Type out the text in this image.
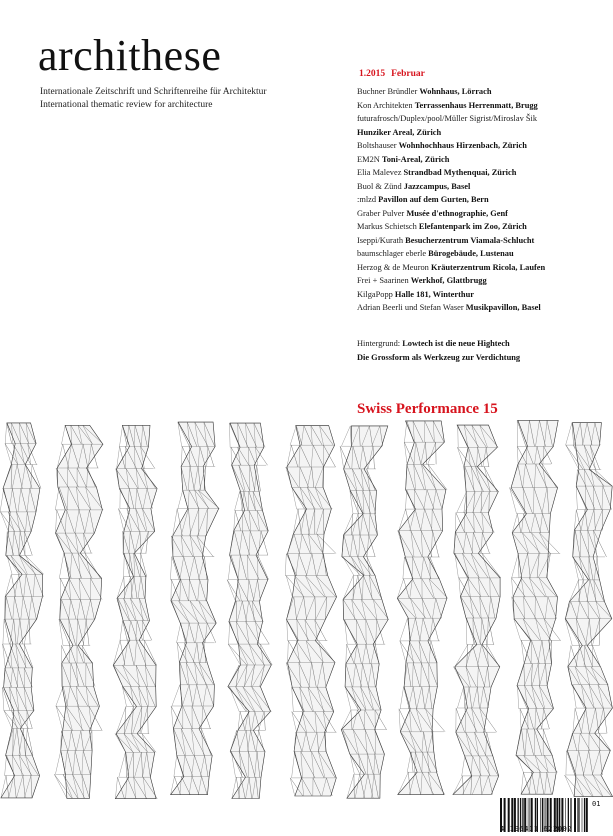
archithese
Internationale Zeitschrift und Schriftenreihe für Architektur
International thematic review for architecture
1.2015 Februar
Buchner Bründler Wohnhaus, Lörrach
Kon Architekten Terrassenhaus Herrenmatt, Brugg
futurafrosch/Duplex/pool/Müller Sigrist/Miroslav Šik
Hunziker Areal, Zürich
Boltshauser Wohnhochhaus Hirzenbach, Zürich
EM2N Toni-Areal, Zürich
Elia Malevez Strandbad Mythenquai, Zürich
Buol & Zünd Jazzcampus, Basel
:mlzd Pavillon auf dem Gurten, Bern
Graber Pulver Musée d'ethnographie, Genf
Markus Schietsch Elefantenpark im Zoo, Zürich
Iseppi/Kurath Besucherzentrum Viamala-Schlucht
baumschlager eberle Bürogebäude, Lustenau
Herzog & de Meuron Kräuterzentrum Ricola, Laufen
Frei + Saarinen Werkhof, Glattbrugg
KilgaPopp Halle 181, Winterthur
Adrian Beerli und Stefan Waser Musikpavillon, Basel
Hintergrund: Lowtech ist die neue Hightech
Die Grossform als Werkzeug zur Verdichtung
Swiss Performance 15
4 196411 622002
01
